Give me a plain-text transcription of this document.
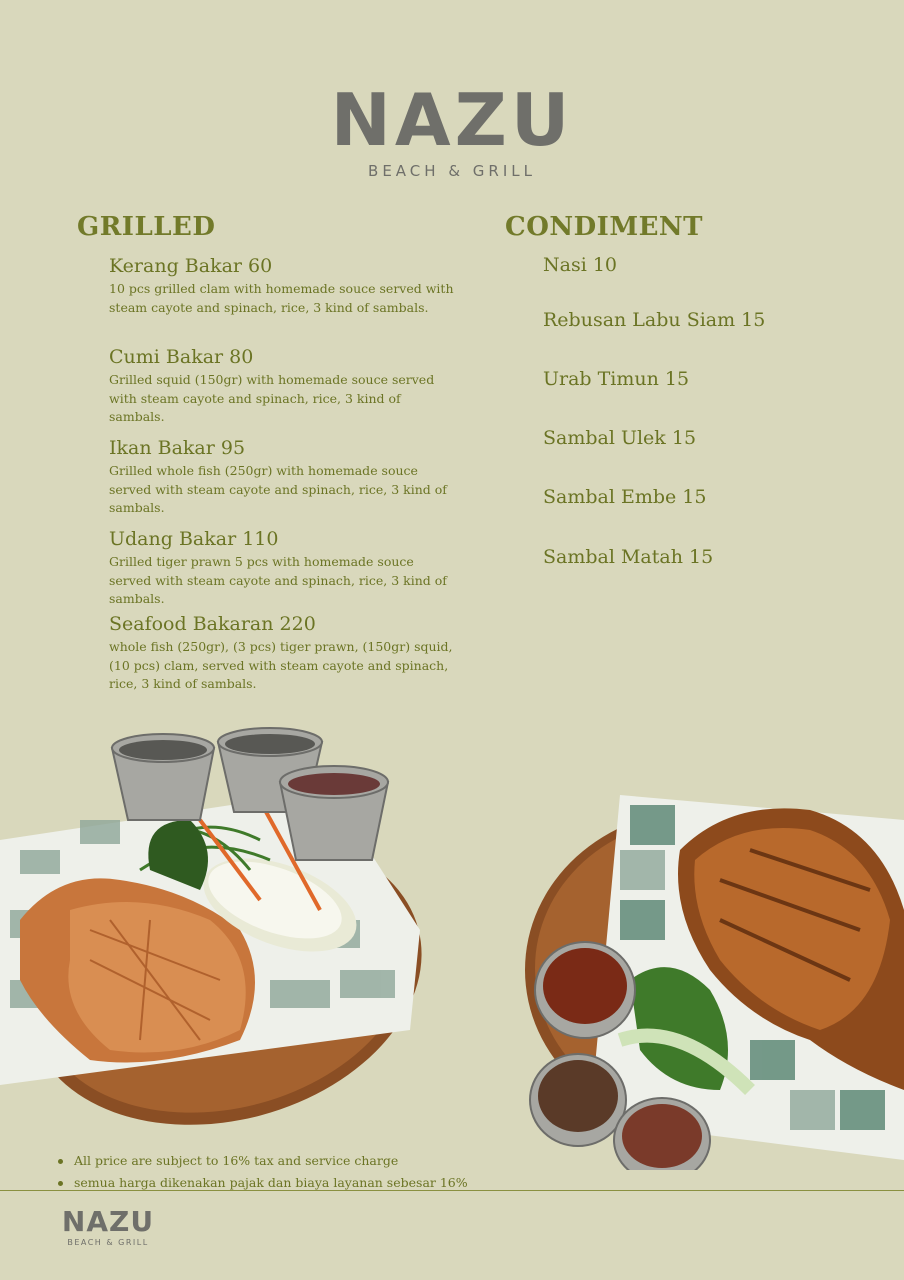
NAZU
BEACH & GRILL
GRILLED	CONDIMENT
Kerang Bakar 60
10 pcs grilled clam with homemade souce served with steam cayote and spinach, rice, 3 kind of sambals.
Cumi Bakar 80
Grilled squid (150gr) with homemade souce served with steam cayote and spinach, rice, 3 kind of sambals.
Ikan Bakar 95
Grilled whole fish (250gr) with homemade souce served with steam cayote and spinach, rice, 3 kind of sambals.
Udang Bakar 110
Grilled tiger prawn 5 pcs with homemade souce served with steam cayote and spinach, rice, 3 kind of sambals.
Seafood Bakaran 220
whole fish (250gr), (3 pcs) tiger prawn, (150gr) squid, (10 pcs) clam, served with steam cayote and spinach, rice, 3 kind of sambals.
Nasi 10
Rebusan Labu Siam 15
Urab Timun 15
Sambal Ulek 15
Sambal Embe 15
Sambal Matah 15
All price are subject to 16% tax and service charge
semua harga dikenakan pajak dan biaya layanan sebesar 16%
NAZU
BEACH & GRILL
